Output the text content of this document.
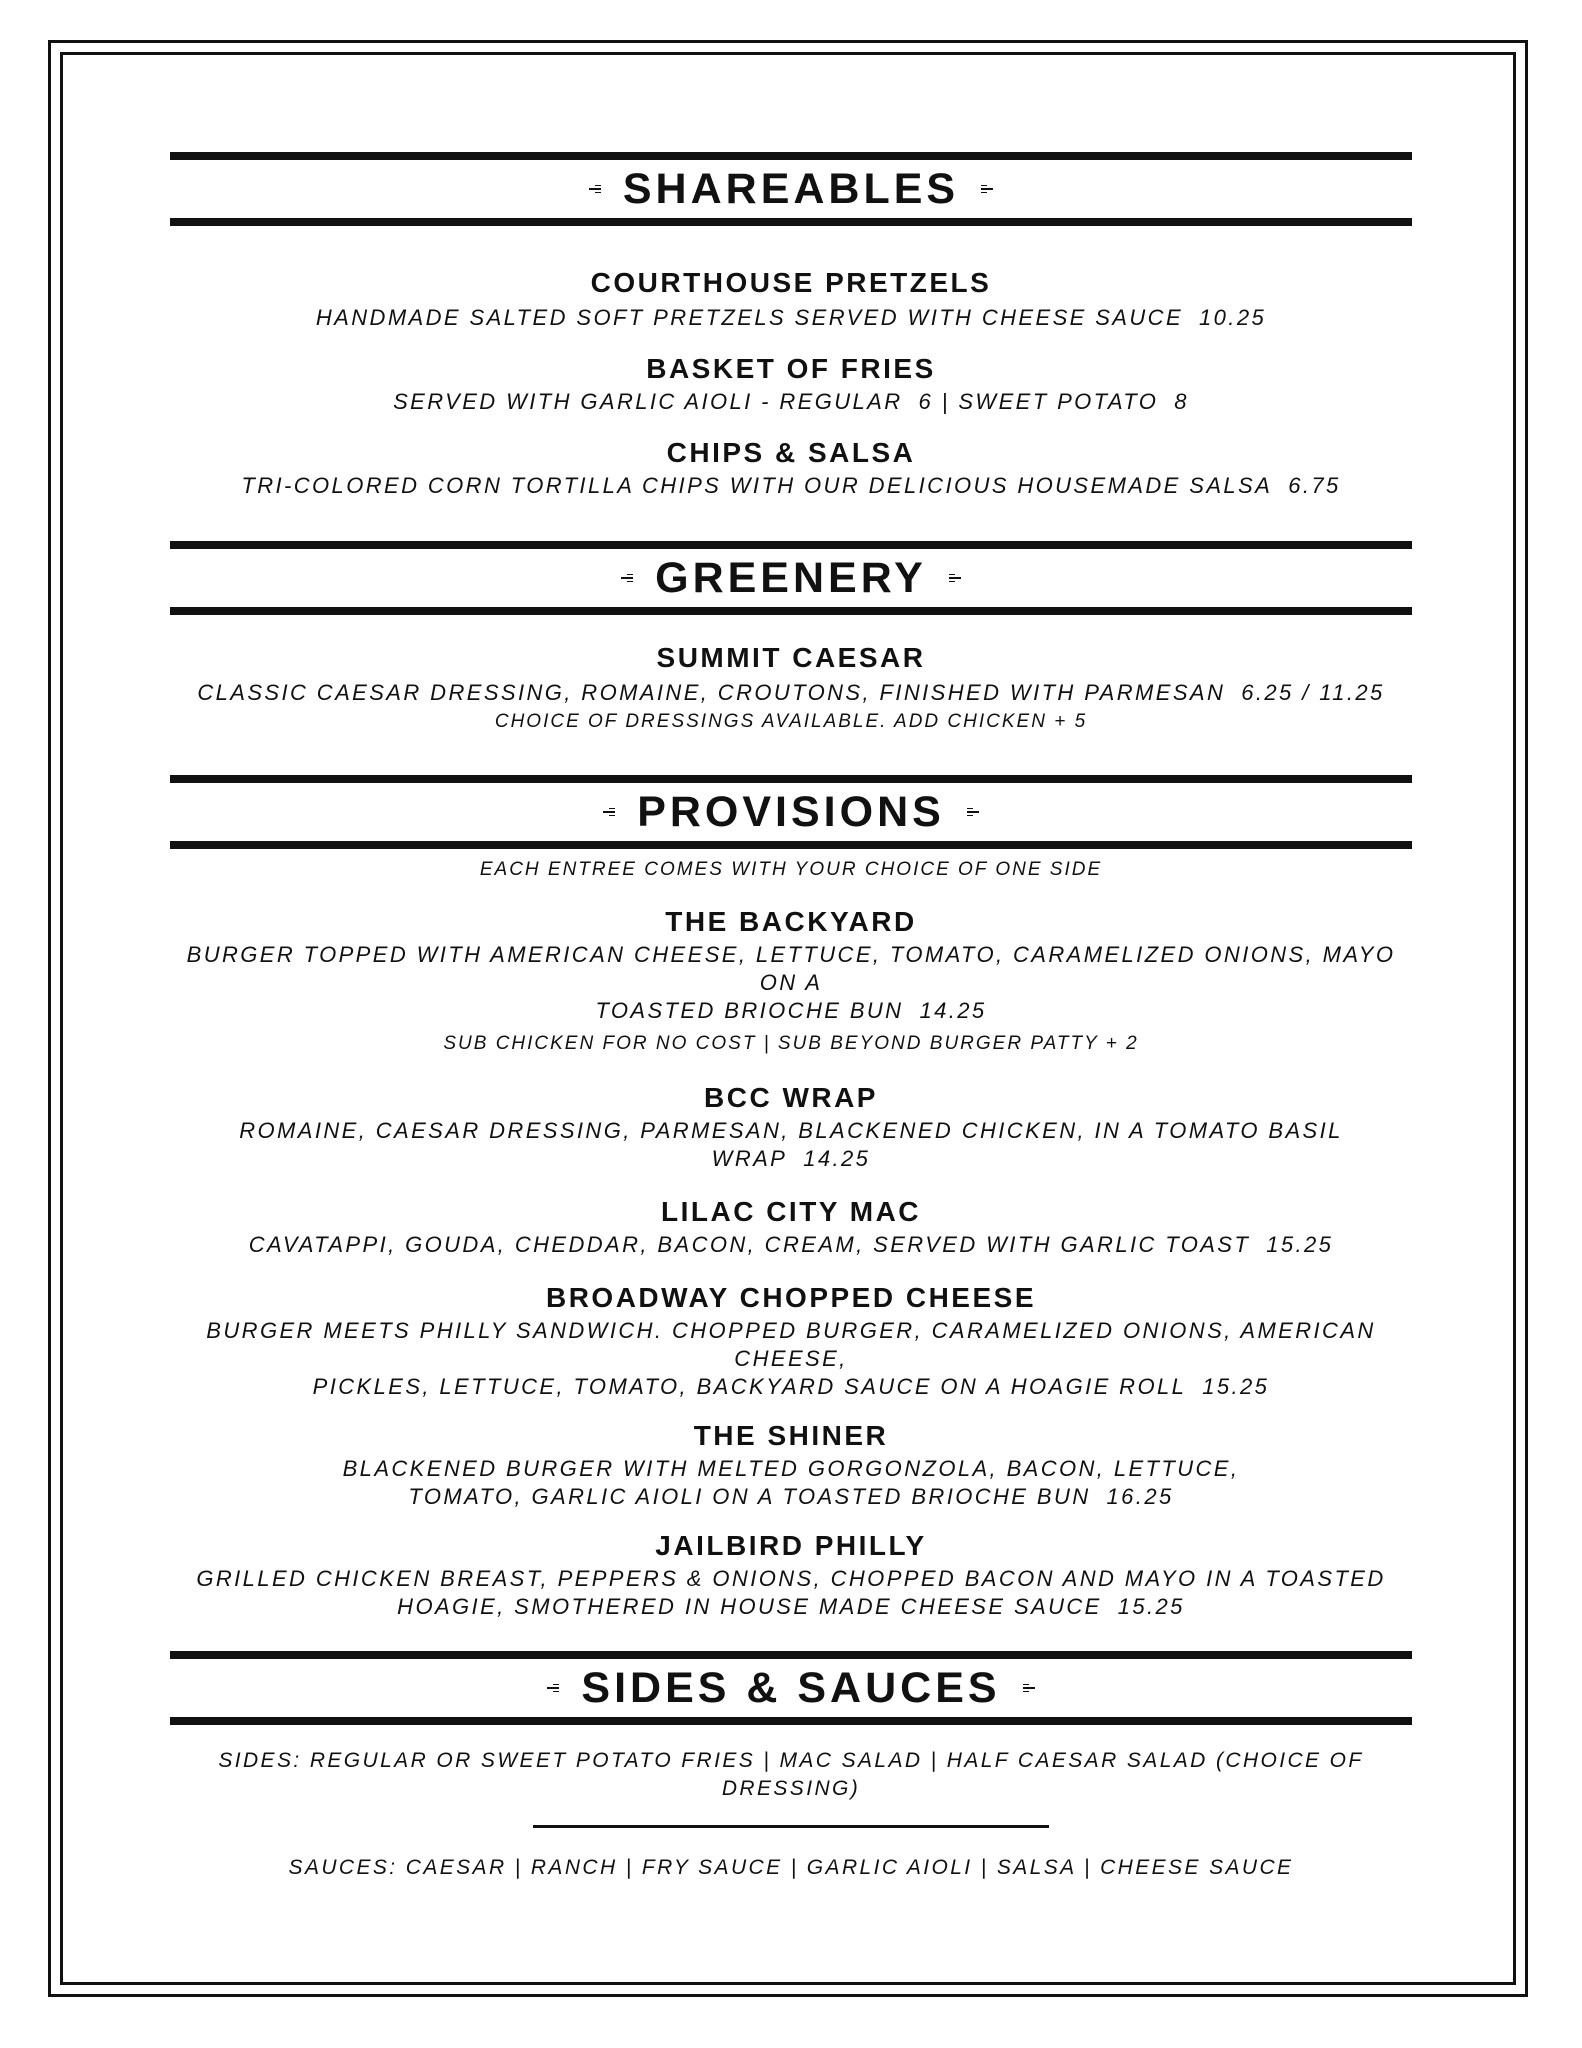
SHAREABLES

COURTHOUSE PRETZELS

HANDMADE SALTED SOFT PRETZELS SERVED WITH CHEESE SAUCE 10.25

BASKET OF FRIES

SERVED WITH GARLIC AIOLI - REGULAR 6 | SWEET POTATO 8

CHIPS & SALSA

TRI-COLORED CORN TORTILLA CHIPS WITH OUR DELICIOUS HOUSEMADE SALSA 6.75

GREENERY

SUMMIT CAESAR

CLASSIC CAESAR DRESSING, ROMAINE, CROUTONS, FINISHED WITH PARMESAN 6.25 / 11.25

CHOICE OF DRESSINGS AVAILABLE. ADD CHICKEN + 5

PROVISIONS

EACH ENTREE COMES WITH YOUR CHOICE OF ONE SIDE

THE BACKYARD

BURGER TOPPED WITH AMERICAN CHEESE, LETTUCE, TOMATO, CARAMELIZED ONIONS, MAYO ON A
TOASTED BRIOCHE BUN 14.25

SUB CHICKEN FOR NO COST | SUB BEYOND BURGER PATTY + 2

BCC WRAP

ROMAINE, CAESAR DRESSING, PARMESAN, BLACKENED CHICKEN, IN A TOMATO BASIL WRAP 14.25

LILAC CITY MAC

CAVATAPPI, GOUDA, CHEDDAR, BACON, CREAM, SERVED WITH GARLIC TOAST 15.25

BROADWAY CHOPPED CHEESE

BURGER MEETS PHILLY SANDWICH. CHOPPED BURGER, CARAMELIZED ONIONS, AMERICAN CHEESE,
PICKLES, LETTUCE, TOMATO, BACKYARD SAUCE ON A HOAGIE ROLL 15.25

THE SHINER

BLACKENED BURGER WITH MELTED GORGONZOLA, BACON, LETTUCE,
TOMATO, GARLIC AIOLI ON A TOASTED BRIOCHE BUN 16.25

JAILBIRD PHILLY

GRILLED CHICKEN BREAST, PEPPERS & ONIONS, CHOPPED BACON AND MAYO IN A TOASTED
HOAGIE, SMOTHERED IN HOUSE MADE CHEESE SAUCE 15.25

SIDES & SAUCES

SIDES: REGULAR OR SWEET POTATO FRIES | MAC SALAD | HALF CAESAR SALAD (CHOICE OF DRESSING)

SAUCES: CAESAR | RANCH | FRY SAUCE | GARLIC AIOLI | SALSA | CHEESE SAUCE
